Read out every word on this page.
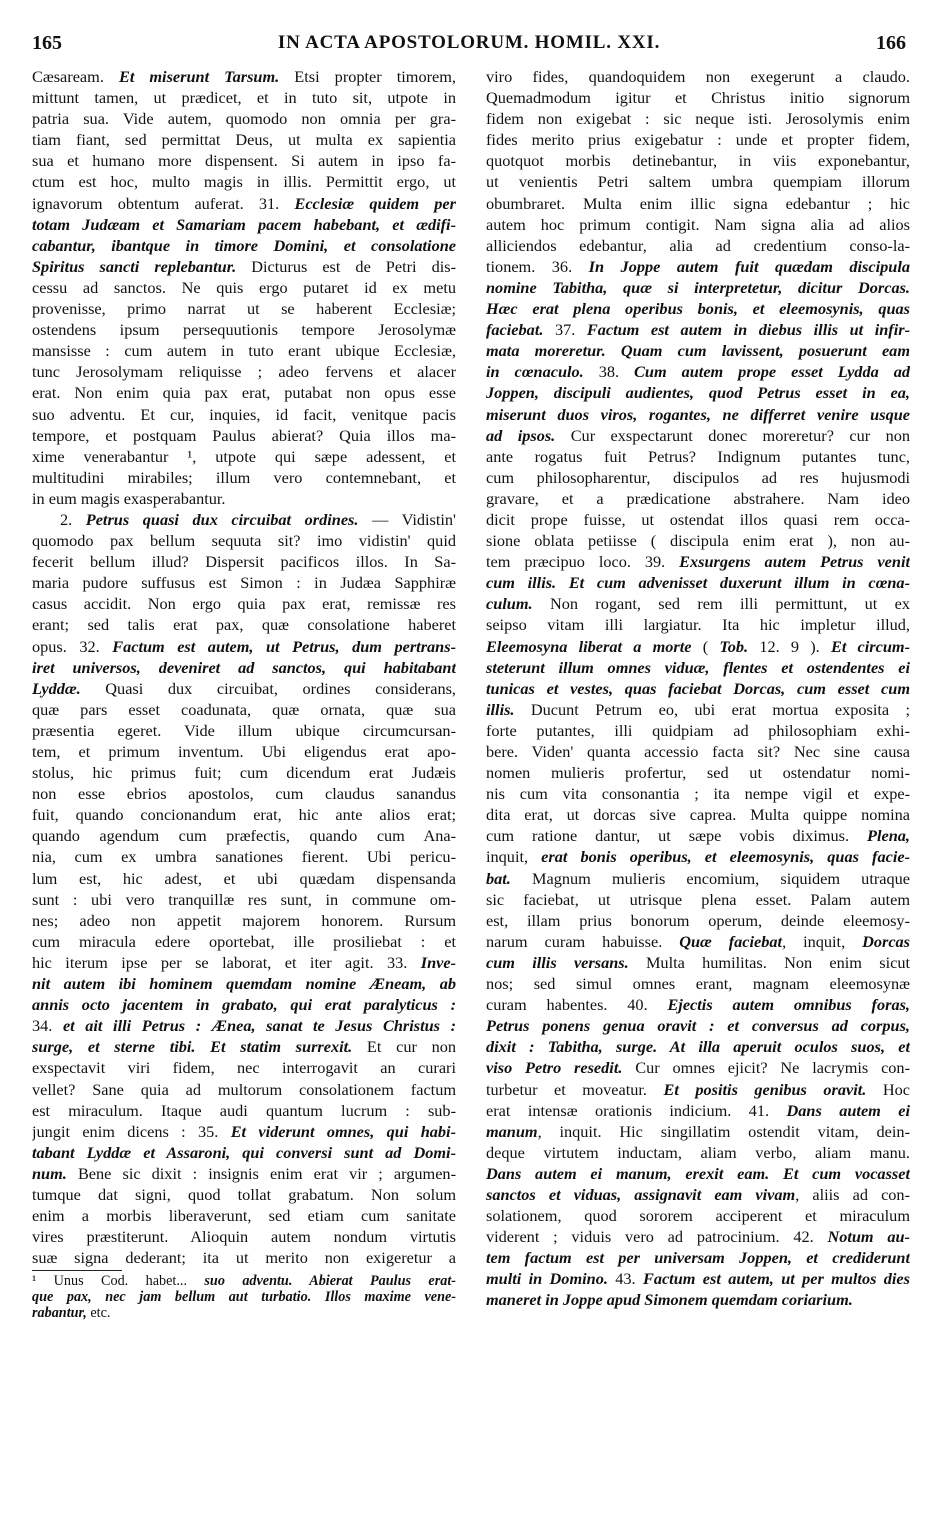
165	IN ACTA APOSTOLORUM. HOMIL. XXI.	166
Cæsaream. Et miserunt Tarsum. Etsi propter timorem,
mittunt tamen, ut prædicet, et in tuto sit, utpote in
patria sua. Vide autem, quomodo non omnia per gra-
tiam fiant, sed permittat Deus, ut multa ex sapientia
sua et humano more dispensent. Si autem in ipso fa-
ctum est hoc, multo magis in illis. Permittit ergo, ut
ignavorum obtentum auferat. 31. Ecclesiæ quidem per
totam Judæam et Samariam pacem habebant, et ædifi-
cabantur, ibantque in timore Domini, et consolatione
Spiritus sancti replebantur. Dicturus est de Petri dis-
cessu ad sanctos. Ne quis ergo putaret id ex metu
provenisse, primo narrat ut se haberent Ecclesiæ;
ostendens ipsum persequutionis tempore Jerosolymæ
mansisse : cum autem in tuto erant ubique Ecclesiæ,
tunc Jerosolymam reliquisse ; adeo fervens et alacer
erat. Non enim quia pax erat, putabat non opus esse
suo adventu. Et cur, inquies, id facit, venitque pacis
tempore, et postquam Paulus abierat? Quia illos ma-
xime venerabantur ¹, utpote qui sæpe adessent, et
multitudini mirabiles; illum vero contemnebant, et
in eum magis exasperabantur.
2. Petrus quasi dux circuibat ordines. — Vidistin'
quomodo pax bellum sequuta sit? imo vidistin' quid
fecerit bellum illud? Dispersit pacificos illos. In Sa-
maria pudore suffusus est Simon : in Judæa Sapphiræ
casus accidit. Non ergo quia pax erat, remissæ res
erant; sed talis erat pax, quæ consolatione haberet
opus. 32. Factum est autem, ut Petrus, dum pertrans-
iret universos, deveniret ad sanctos, qui habitabant
Lyddæ. Quasi dux circuibat, ordines considerans,
quæ pars esset coadunata, quæ ornata, quæ sua
præsentia egeret. Vide illum ubique circumcursan-
tem, et primum inventum. Ubi eligendus erat apo-
stolus, hic primus fuit; cum dicendum erat Judæis
non esse ebrios apostolos, cum claudus sanandus
fuit, quando concionandum erat, hic ante alios erat;
quando agendum cum præfectis, quando cum Ana-
nia, cum ex umbra sanationes fierent. Ubi pericu-
lum est, hic adest, et ubi quædam dispensanda
sunt : ubi vero tranquillæ res sunt, in commune om-
nes; adeo non appetit majorem honorem. Rursum
cum miracula edere oportebat, ille prosiliebat : et
hic iterum ipse per se laborat, et iter agit. 33. Inve-
nit autem ibi hominem quemdam nomine Æneam, ab
annis octo jacentem in grabato, qui erat paralyticus :
34. et ait illi Petrus : Ænea, sanat te Jesus Christus :
surge, et sterne tibi. Et statim surrexit. Et cur non
exspectavit viri fidem, nec interrogavit an curari
vellet? Sane quia ad multorum consolationem factum
est miraculum. Itaque audi quantum lucrum : sub-
jungit enim dicens : 35. Et viderunt omnes, qui habi-
tabant Lyddæ et Assaroni, qui conversi sunt ad Domi-
num. Bene sic dixit : insignis enim erat vir ; argumen-
tumque dat signi, quod tollat grabatum. Non solum
enim a morbis liberaverunt, sed etiam cum sanitate
vires præstiterunt. Alioquin autem nondum virtutis
suæ signa dederant; ita ut merito non exigeretur a
¹ Unus Cod. habet... suo adventu. Abierat Paulus erat-
que pax, nec jam bellum aut turbatio. Illos maxime vene-
rabantur, etc.
viro fides, quandoquidem non exegerunt a claudo.
Quemadmodum igitur et Christus initio signorum
fidem non exigebat : sic neque isti. Jerosolymis enim
fides merito prius exigebatur : unde et propter fidem,
quotquot morbis detinebantur, in viis exponebantur,
ut venientis Petri saltem umbra quempiam illorum
obumbraret. Multa enim illic signa edebantur ; hic
autem hoc primum contigit. Nam signa alia ad alios
alliciendos edebantur, alia ad credentium conso-la-
tionem. 36. In Joppe autem fuit quædam discipula
nomine Tabitha, quæ si interpretetur, dicitur Dorcas.
Hæc erat plena operibus bonis, et eleemosynis, quas
faciebat. 37. Factum est autem in diebus illis ut infir-
mata moreretur. Quam cum lavissent, posuerunt eam
in cœnaculo. 38. Cum autem prope esset Lydda ad
Joppen, discipuli audientes, quod Petrus esset in ea,
miserunt duos viros, rogantes, ne differret venire usque
ad ipsos. Cur exspectarunt donec moreretur? cur non
ante rogatus fuit Petrus? Indignum putantes tunc,
cum philosopharentur, discipulos ad res hujusmodi
gravare, et a prædicatione abstrahere. Nam ideo
dicit prope fuisse, ut ostendat illos quasi rem occa-
sione oblata petiisse ( discipula enim erat ), non au-
tem præcipuo loco. 39. Exsurgens autem Petrus venit
cum illis. Et cum advenisset duxerunt illum in cœna-
culum. Non rogant, sed rem illi permittunt, ut ex
seipso vitam illi largiatur. Ita hic impletur illud,
Eleemosyna liberat a morte ( Tob. 12. 9 ). Et circum-
steterunt illum omnes viduæ, flentes et ostendentes ei
tunicas et vestes, quas faciebat Dorcas, cum esset cum
illis. Ducunt Petrum eo, ubi erat mortua exposita ;
forte putantes, illi quidpiam ad philosophiam exhi-
bere. Viden' quanta accessio facta sit? Nec sine causa
nomen mulieris profertur, sed ut ostendatur nomi-
nis cum vita consonantia ; ita nempe vigil et expe-
dita erat, ut dorcas sive caprea. Multa quippe nomina
cum ratione dantur, ut sæpe vobis diximus. Plena,
inquit, erat bonis operibus, et eleemosynis, quas facie-
bat. Magnum mulieris encomium, siquidem utraque
sic faciebat, ut utrisque plena esset. Palam autem
est, illam prius bonorum operum, deinde eleemosy-
narum curam habuisse. Quæ faciebat, inquit, Dorcas
cum illis versans. Multa humilitas. Non enim sicut
nos; sed simul omnes erant, magnam eleemosynæ
curam habentes. 40. Ejectis autem omnibus foras,
Petrus ponens genua oravit : et conversus ad corpus,
dixit : Tabitha, surge. At illa aperuit oculos suos, et
viso Petro resedit. Cur omnes ejicit? Ne lacrymis con-
turbetur et moveatur. Et positis genibus oravit. Hoc
erat intensæ orationis indicium. 41. Dans autem ei
manum, inquit. Hic singillatim ostendit vitam, dein-
deque virtutem inductam, aliam verbo, aliam manu.
Dans autem ei manum, erexit eam. Et cum vocasset
sanctos et viduas, assignavit eam vivam, aliis ad con-
solationem, quod sororem acciperent et miraculum
viderent ; viduis vero ad patrocinium. 42. Notum au-
tem factum est per universam Joppen, et crediderunt
multi in Domino. 43. Factum est autem, ut per multos dies
maneret in Joppe apud Simonem quemdam coriarium.
